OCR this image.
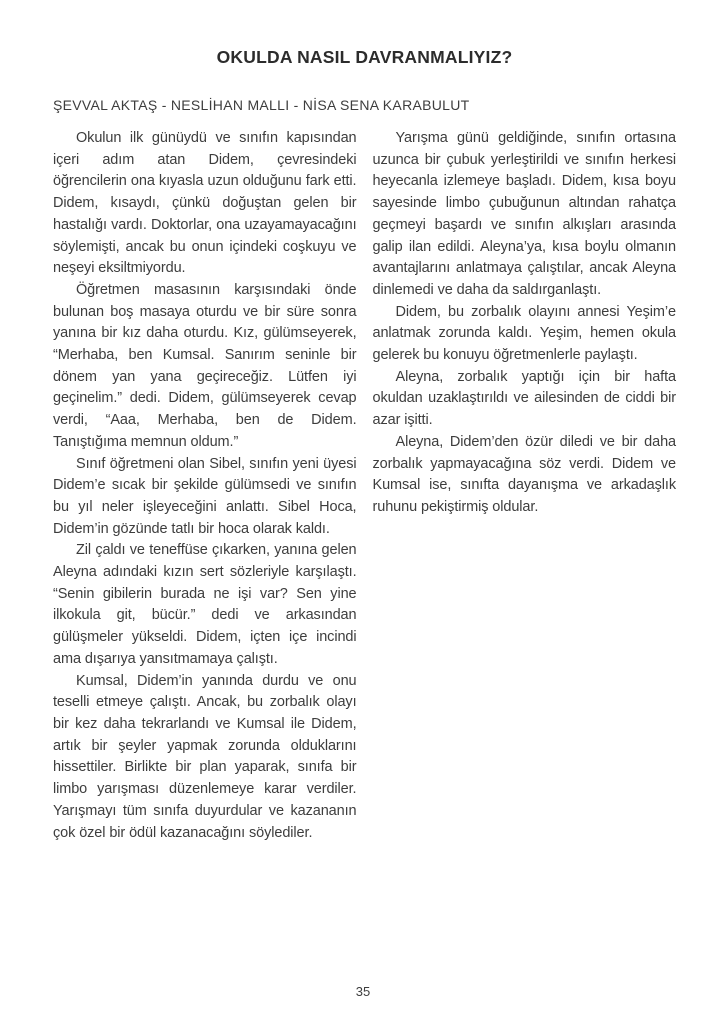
OKULDA NASIL DAVRANMALIYIZ?
ŞEVVAL AKTAŞ - NESLİHAN MALLI - NİSA SENA KARABULUT

Okulun ilk günüydü ve sınıfın kapısından içeri adım atan Didem, çevresindeki öğrencilerin ona kıyasla uzun olduğunu fark etti. Didem, kısaydı, çünkü doğuştan gelen bir hastalığı vardı. Doktorlar, ona uzayamayacağını söylemişti, ancak bu onun içindeki coşkuyu ve neşeyi eksiltmiyordu.

Öğretmen masasının karşısındaki önde bulunan boş masaya oturdu ve bir süre sonra yanına bir kız daha oturdu. Kız, gülümseyerek, “Merhaba, ben Kumsal. Sanırım seninle bir dönem yan yana geçireceğiz. Lütfen iyi geçinelim.” dedi. Didem, gülümseyerek cevap verdi, “Aaa, Merhaba, ben de Didem. Tanıştığıma memnun oldum.”

Sınıf öğretmeni olan Sibel, sınıfın yeni üyesi Didem’e sıcak bir şekilde gülümsedi ve sınıfın bu yıl neler işleyeceğini anlattı. Sibel Hoca, Didem’in gözünde tatlı bir hoca olarak kaldı.

Zil çaldı ve teneffüse çıkarken, yanına gelen Aleyna adındaki kızın sert sözleriyle karşılaştı. “Senin gibilerin burada ne işi var? Sen yine ilkokula git, bücür.” dedi ve arkasından gülüşmeler yükseldi. Didem, içten içe incindi ama dışarıya yansıtmamaya çalıştı.

Kumsal, Didem’in yanında durdu ve onu teselli etmeye çalıştı. Ancak, bu zorbalık olayı bir kez daha tekrarlandı ve Kumsal ile Didem, artık bir şeyler yapmak zorunda olduklarını hissettiler. Birlikte bir plan yaparak, sınıfa bir limbo yarışması düzenlemeye karar verdiler. Yarışmayı tüm sınıfa duyurdular ve kazananın çok özel bir ödül kazanacağını söylediler.

Yarışma günü geldiğinde, sınıfın ortasına uzunca bir çubuk yerleştirildi ve sınıfın herkesi heyecanla izlemeye başladı. Didem, kısa boyu sayesinde limbo çubuğunun altından rahatça geçmeyi başardı ve sınıfın alkışları arasında galip ilan edildi. Aleyna’ya, kısa boylu olmanın avantajlarını anlatmaya çalıştılar, ancak Aleyna dinlemedi ve daha da saldırganlaştı.

Didem, bu zorbalık olayını annesi Yeşim’e anlatmak zorunda kaldı. Yeşim, hemen okula gelerek bu konuyu öğretmenlerle paylaştı.

Aleyna, zorbalık yaptığı için bir hafta okuldan uzaklaştırıldı ve ailesinden de ciddi bir azar işitti.

Aleyna, Didem’den özür diledi ve bir daha zorbalık yapmayacağına söz verdi. Didem ve Kumsal ise, sınıfta dayanışma ve arkadaşlık ruhunu pekiştirmiş oldular.

35
